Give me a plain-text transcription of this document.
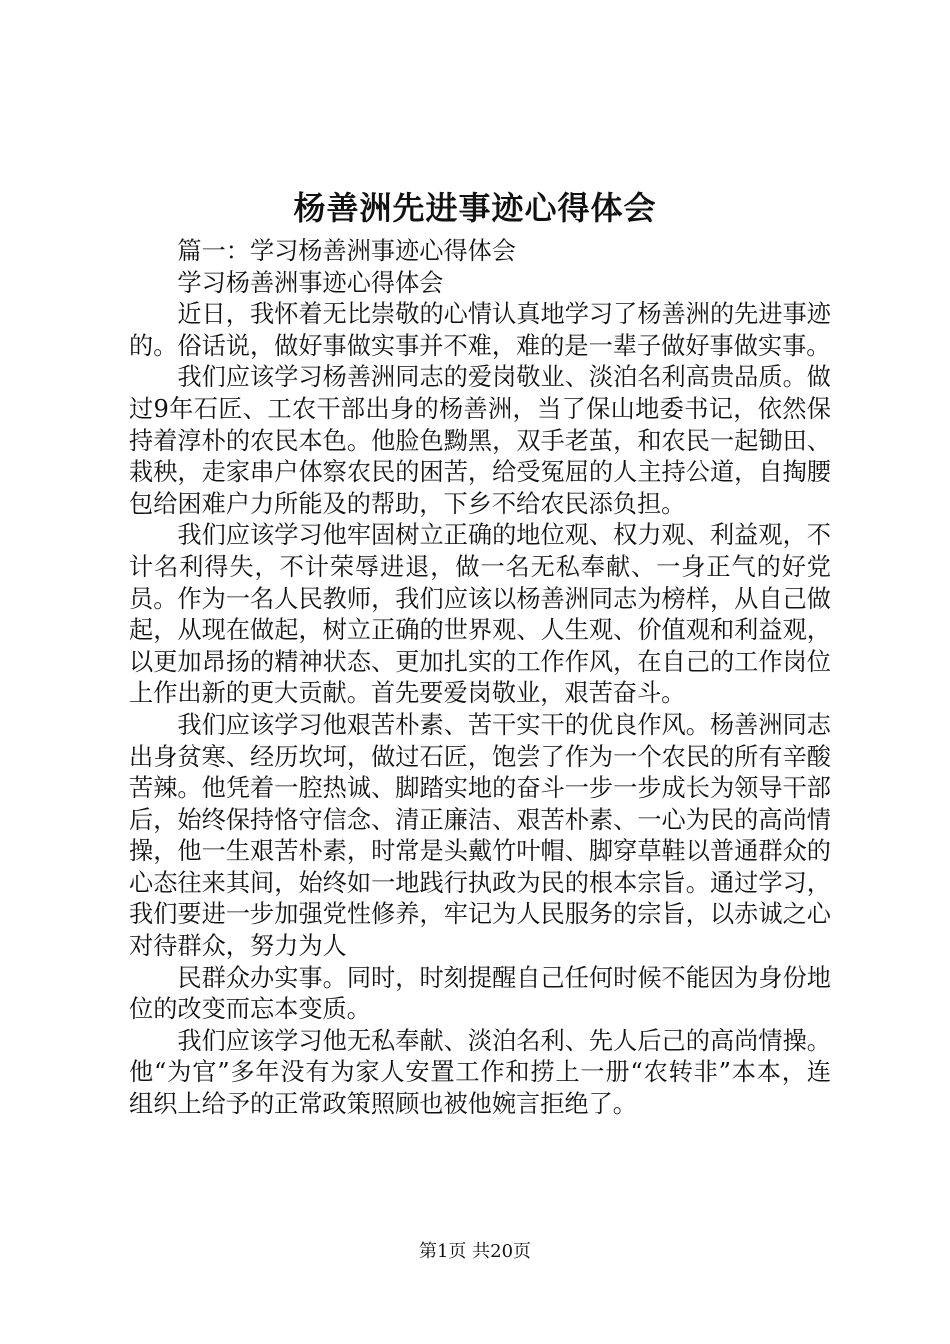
杨善洲先进事迹心得体会

篇一：学习杨善洲事迹心得体会

学习杨善洲事迹心得体会

近日，我怀着无比崇敬的心情认真地学习了杨善洲的先进事迹的。俗话说，做好事做实事并不难，难的是一辈子做好事做实事。

我们应该学习杨善洲同志的爱岗敬业、淡泊名利高贵品质。做过9年石匠、工农干部出身的杨善洲，当了保山地委书记，依然保持着淳朴的农民本色。他脸色黝黑，双手老茧，和农民一起锄田、栽秧，走家串户体察农民的困苦，给受冤屈的人主持公道，自掏腰包给困难户力所能及的帮助，下乡不给农民添负担。

我们应该学习他牢固树立正确的地位观、权力观、利益观，不计名利得失，不计荣辱进退，做一名无私奉献、一身正气的好党员。作为一名人民教师，我们应该以杨善洲同志为榜样，从自己做起，从现在做起，树立正确的世界观、人生观、价值观和利益观，以更加昂扬的精神状态、更加扎实的工作作风，在自己的工作岗位上作出新的更大贡献。首先要爱岗敬业，艰苦奋斗。

我们应该学习他艰苦朴素、苦干实干的优良作风。杨善洲同志出身贫寒、经历坎坷，做过石匠，饱尝了作为一个农民的所有辛酸苦辣。他凭着一腔热诚、脚踏实地的奋斗一步一步成长为领导干部后，始终保持恪守信念、清正廉洁、艰苦朴素、一心为民的高尚情操，他一生艰苦朴素，时常是头戴竹叶帽、脚穿草鞋以普通群众的心态往来其间，始终如一地践行执政为民的根本宗旨。通过学习，我们要进一步加强党性修养，牢记为人民服务的宗旨，以赤诚之心对待群众，努力为人

民群众办实事。同时，时刻提醒自己任何时候不能因为身份地位的改变而忘本变质。

我们应该学习他无私奉献、淡泊名利、先人后己的高尚情操。他“为官”多年没有为家人安置工作和捞上一册“农转非”本本，连组织上给予的正常政策照顾也被他婉言拒绝了。

第1页 共20页
